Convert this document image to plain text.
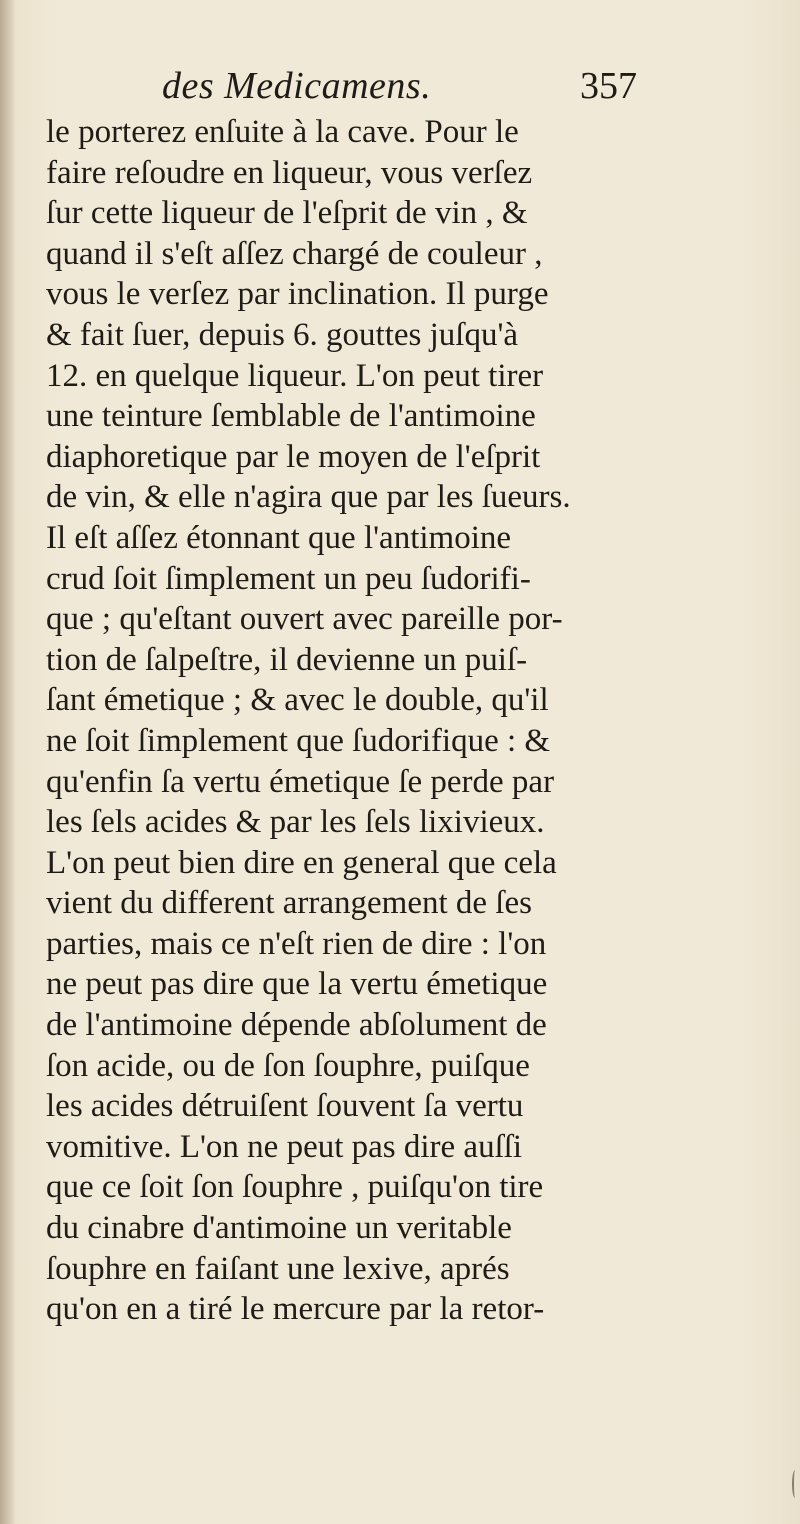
des Medicamens.	357
le porterez enſuite à la cave. Pour le
faire reſoudre en liqueur, vous verſez
ſur cette liqueur de l'eſprit de vin , &
quand il s'eſt aſſez chargé de couleur ,
vous le verſez par inclination. Il purge
& fait ſuer, depuis 6. gouttes juſqu'à
12. en quelque liqueur. L'on peut tirer
une teinture ſemblable de l'antimoine
diaphoretique par le moyen de l'eſprit
de vin, & elle n'agira que par les ſueurs.
Il eſt aſſez étonnant que l'antimoine
crud ſoit ſimplement un peu ſudorifi-
que ; qu'eſtant ouvert avec pareille por-
tion de ſalpeſtre, il devienne un puiſ-
ſant émetique ; & avec le double, qu'il
ne ſoit ſimplement que ſudorifique : &
qu'enfin ſa vertu émetique ſe perde par
les ſels acides & par les ſels lixivieux.
L'on peut bien dire en general que cela
vient du different arrangement de ſes
parties, mais ce n'eſt rien de dire : l'on
ne peut pas dire que la vertu émetique
de l'antimoine dépende abſolument de
ſon acide, ou de ſon ſouphre, puiſque
les acides détruiſent ſouvent ſa vertu
vomitive. L'on ne peut pas dire auſſi
que ce ſoit ſon ſouphre , puiſqu'on tire
du cinabre d'antimoine un veritable
ſouphre en faiſant une lexive, aprés
qu'on en a tiré le mercure par la retor-
